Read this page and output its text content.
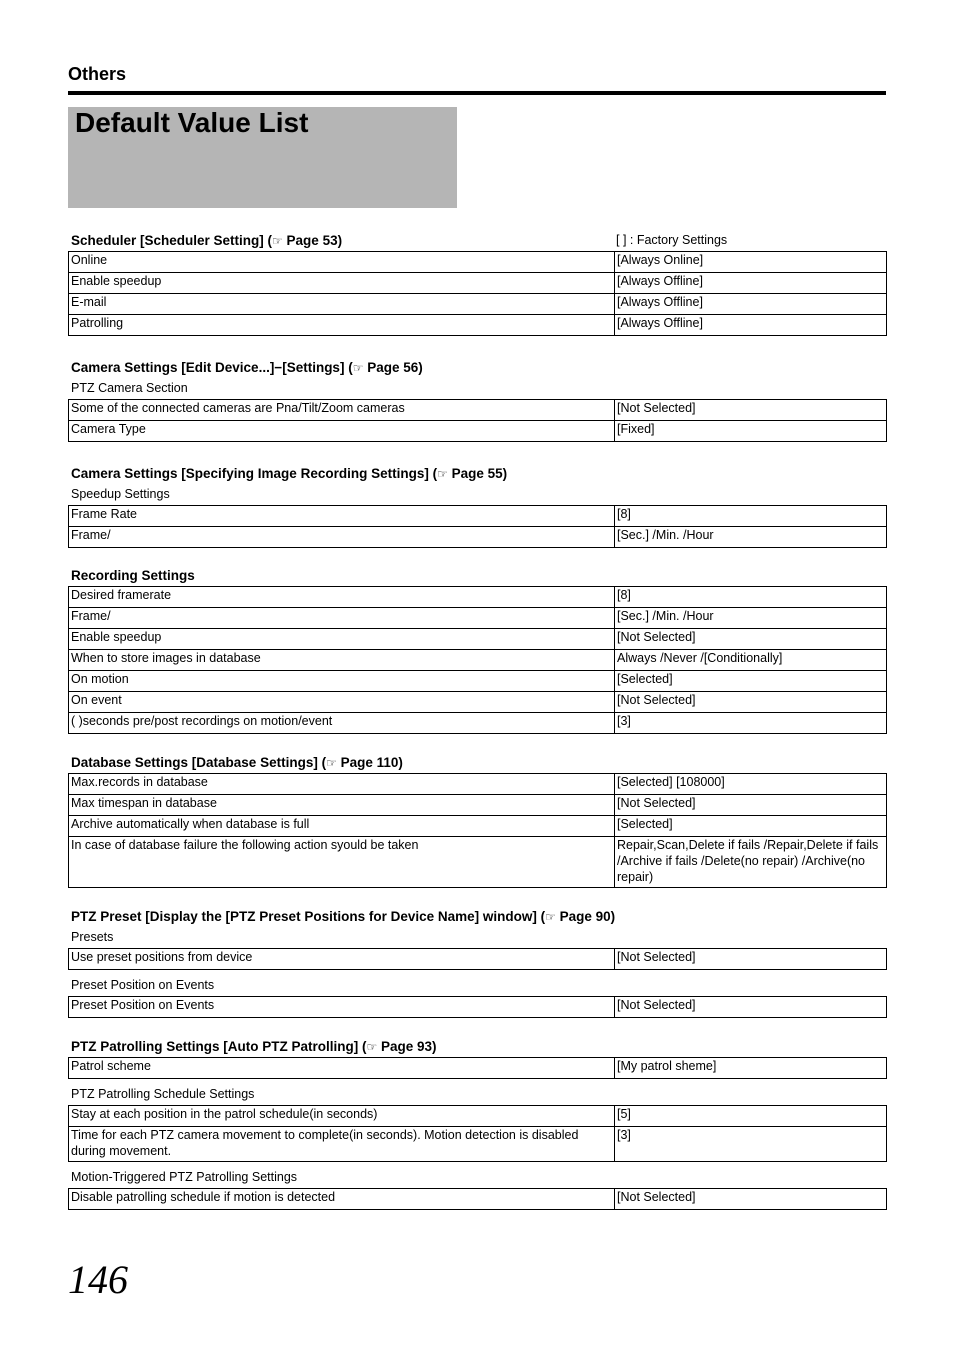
Others
Default Value List
Scheduler [Scheduler Setting] (☞ Page 53)	[ ] : Factory Settings
Online	[Always Online]
Enable speedup	[Always Offline]
E-mail	[Always Offline]
Patrolling	[Always Offline]
Camera Settings [Edit Device...]−[Settings] (☞ Page 56)
PTZ Camera Section
Some of the connected cameras are Pna/Tilt/Zoom cameras	[Not Selected]
Camera Type	[Fixed]
Camera Settings [Specifying Image Recording Settings] (☞ Page 55)
Speedup Settings
Frame Rate	[8]
Frame/	[Sec.] /Min. /Hour
Recording Settings
Desired framerate	[8]
Frame/	[Sec.] /Min. /Hour
Enable speedup	[Not Selected]
When to store images in database	Always /Never /[Conditionally]
On motion	[Selected]
On event	[Not Selected]
( )seconds pre/post recordings on motion/event	[3]
Database Settings [Database Settings] (☞ Page 110)
Max.records in database	[Selected] [108000]
Max timespan in database	[Not Selected]
Archive automatically when database is full	[Selected]
In case of database failure the following action syould be taken	Repair,Scan,Delete if fails /Repair,Delete if fails /Archive if fails /Delete(no repair) /Archive(no repair)
PTZ Preset [Display the [PTZ Preset Positions for Device Name] window] (☞ Page 90)
Presets
Use preset positions from device	[Not Selected]
Preset Position on Events
Preset Position on Events	[Not Selected]
PTZ Patrolling Settings [Auto PTZ Patrolling] (☞ Page 93)
Patrol scheme	[My patrol sheme]
PTZ Patrolling Schedule Settings
Stay at each position in the patrol schedule(in seconds)	[5]
Time for each PTZ camera movement to complete(in seconds). Motion detection is disabled during movement.	[3]
Motion-Triggered PTZ Patrolling Settings
Disable patrolling schedule if motion is detected	[Not Selected]
146
